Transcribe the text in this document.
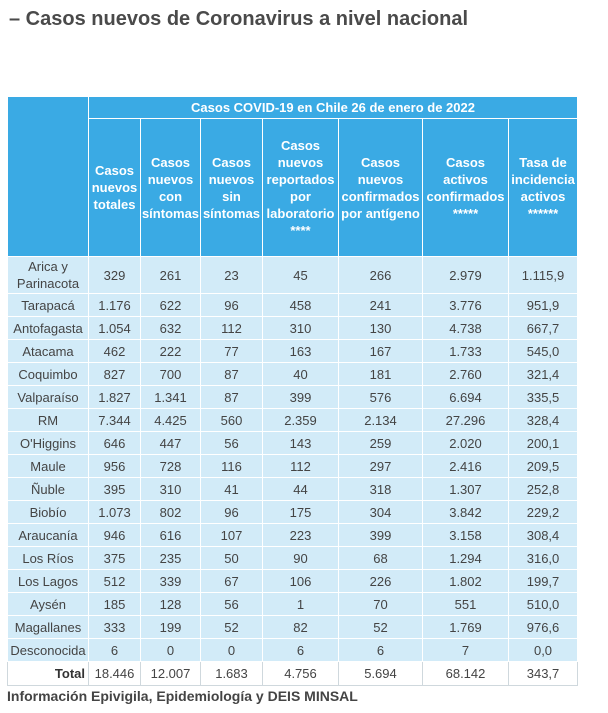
– Casos nuevos de Coronavirus a nivel nacional
	Casos COVID-19 en Chile 26 de enero de 2022						
	Casos nuevos totales	Casos nuevos con síntomas	Casos nuevos sin síntomas	Casos nuevos reportados por laboratorio ****	Casos nuevos confirmados por antígeno	Casos activos confirmados *****	Tasa de incidencia activos ******
Arica y Parinacota	329	261	23	45	266	2.979	1.115,9
Tarapacá	1.176	622	96	458	241	3.776	951,9
Antofagasta	1.054	632	112	310	130	4.738	667,7
Atacama	462	222	77	163	167	1.733	545,0
Coquimbo	827	700	87	40	181	2.760	321,4
Valparaíso	1.827	1.341	87	399	576	6.694	335,5
RM	7.344	4.425	560	2.359	2.134	27.296	328,4
O'Higgins	646	447	56	143	259	2.020	200,1
Maule	956	728	116	112	297	2.416	209,5
Ñuble	395	310	41	44	318	1.307	252,8
Biobío	1.073	802	96	175	304	3.842	229,2
Araucanía	946	616	107	223	399	3.158	308,4
Los Ríos	375	235	50	90	68	1.294	316,0
Los Lagos	512	339	67	106	226	1.802	199,7
Aysén	185	128	56	1	70	551	510,0
Magallanes	333	199	52	82	52	1.769	976,6
Desconocida	6	0	0	6	6	7	0,0
Total	18.446	12.007	1.683	4.756	5.694	68.142	343,7
Información Epivigila, Epidemiología y DEIS MINSAL
